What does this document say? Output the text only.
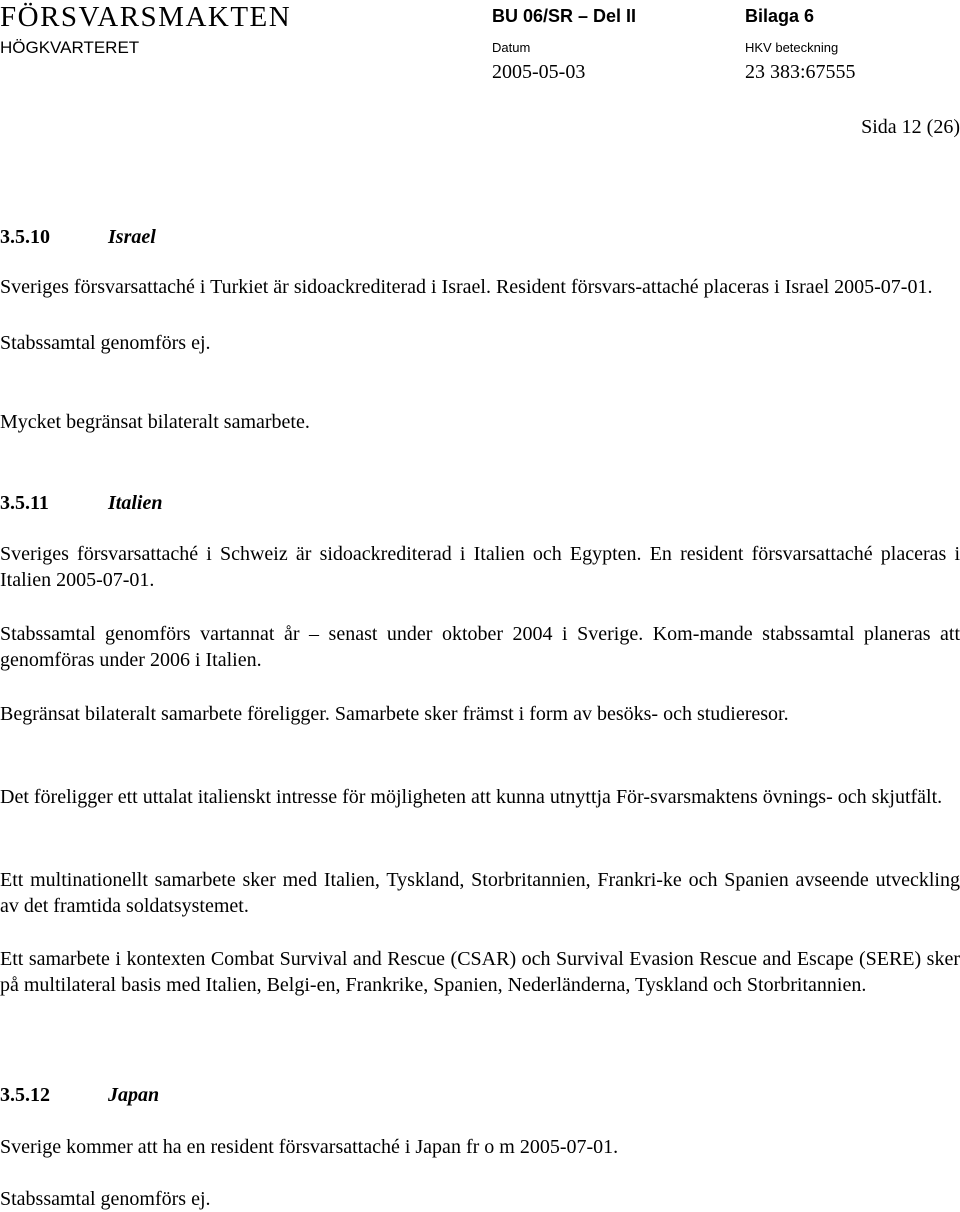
FÖRSVARSMAKTEN
HÖGKVARTERET
BU 06/SR – Del II	Bilaga 6
Datum	HKV beteckning
2005-05-03	23 383:67555
Sida 12 (26)
3.5.10	Israel
Sveriges försvarsattaché i Turkiet är sidoackrediterad i Israel. Resident försvars-attaché placeras i Israel 2005-07-01.
Stabssamtal genomförs ej.
Mycket begränsat bilateralt samarbete.
3.5.11	Italien
Sveriges försvarsattaché i Schweiz är sidoackrediterad i Italien och Egypten. En resident försvarsattaché placeras i Italien 2005-07-01.
Stabssamtal genomförs vartannat år – senast under oktober 2004 i Sverige. Kom-mande stabssamtal planeras att genomföras under 2006 i Italien.
Begränsat bilateralt samarbete föreligger. Samarbete sker främst i form av besöks- och studieresor.
Det föreligger ett uttalat italienskt intresse för möjligheten att kunna utnyttja För-svarsmaktens övnings- och skjutfält.
Ett multinationellt samarbete sker med Italien, Tyskland, Storbritannien, Frankri-ke och Spanien avseende utveckling av det framtida soldatsystemet.
Ett samarbete i kontexten Combat Survival and Rescue (CSAR) och Survival Evasion Rescue and Escape (SERE) sker på multilateral basis med Italien, Belgi-en, Frankrike, Spanien, Nederländerna, Tyskland och Storbritannien.
3.5.12	Japan
Sverige kommer att ha en resident försvarsattaché i Japan fr o m 2005-07-01.
Stabssamtal genomförs ej.
